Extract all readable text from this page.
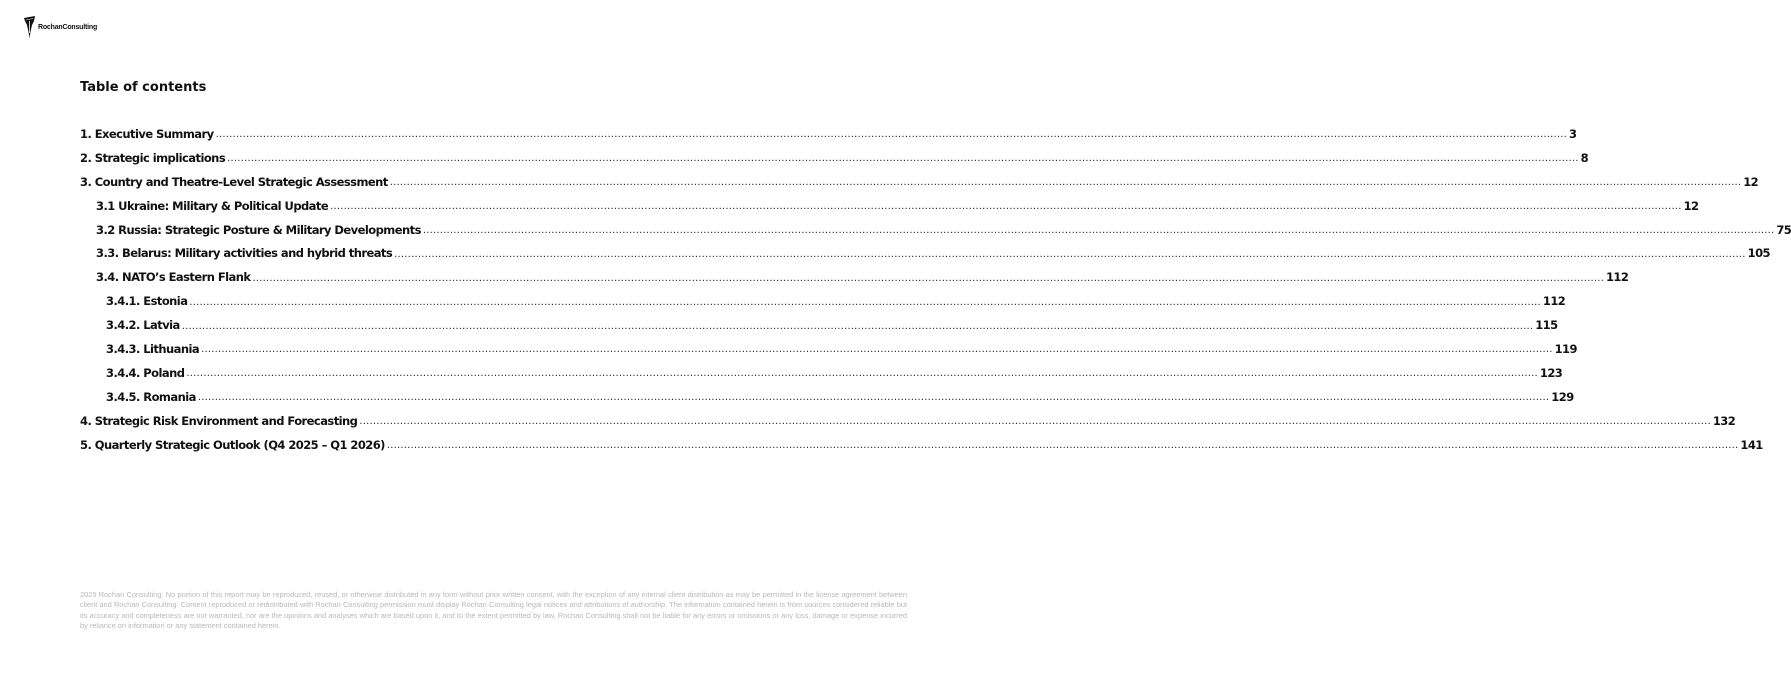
RochanConsulting
Table of contents
1. Executive Summary ................................................................................................................................................................................................................................................................................................................................................................................................................ 3
2. Strategic implications ................................................................................................................................................................................................................................................................................................................................................................................................................ 8
3. Country and Theatre-Level Strategic Assessment ................................................................................................................................................................................................................................................................................................................................................................................................................ 12
3.1 Ukraine: Military & Political Update ................................................................................................................................................................................................................................................................................................................................................................................................................ 12
3.2 Russia: Strategic Posture & Military Developments ................................................................................................................................................................................................................................................................................................................................................................................................................ 75
3.3. Belarus: Military activities and hybrid threats ................................................................................................................................................................................................................................................................................................................................................................................................................ 105
3.4. NATO’s Eastern Flank ................................................................................................................................................................................................................................................................................................................................................................................................................ 112
3.4.1. Estonia ................................................................................................................................................................................................................................................................................................................................................................................................................ 112
3.4.2. Latvia ................................................................................................................................................................................................................................................................................................................................................................................................................ 115
3.4.3. Lithuania ................................................................................................................................................................................................................................................................................................................................................................................................................ 119
3.4.4. Poland ................................................................................................................................................................................................................................................................................................................................................................................................................ 123
3.4.5. Romania ................................................................................................................................................................................................................................................................................................................................................................................................................ 129
4. Strategic Risk Environment and Forecasting ................................................................................................................................................................................................................................................................................................................................................................................................................ 132
5. Quarterly Strategic Outlook (Q4 2025 – Q1 2026) ................................................................................................................................................................................................................................................................................................................................................................................................................ 141
2025 Rochan Consulting. No portion of this report may be reproduced, reused, or otherwise distributed in any form without prior written consent, with the exception of any internal client distribution as may be permitted in the license agreement between client and Rochan Consulting. Content reproduced or redistributed with Rochan Consulting permission must display Rochan Consulting legal notices and attributions of authorship. The information contained herein is from sources considered reliable but its accuracy and completeness are not warranted, nor are the opinions and analyses which are based upon it, and to the extent permitted by law, Rochan Consulting shall not be liable for any errors or omissions or any loss, damage or expense incurred by reliance on information or any statement contained herein.
